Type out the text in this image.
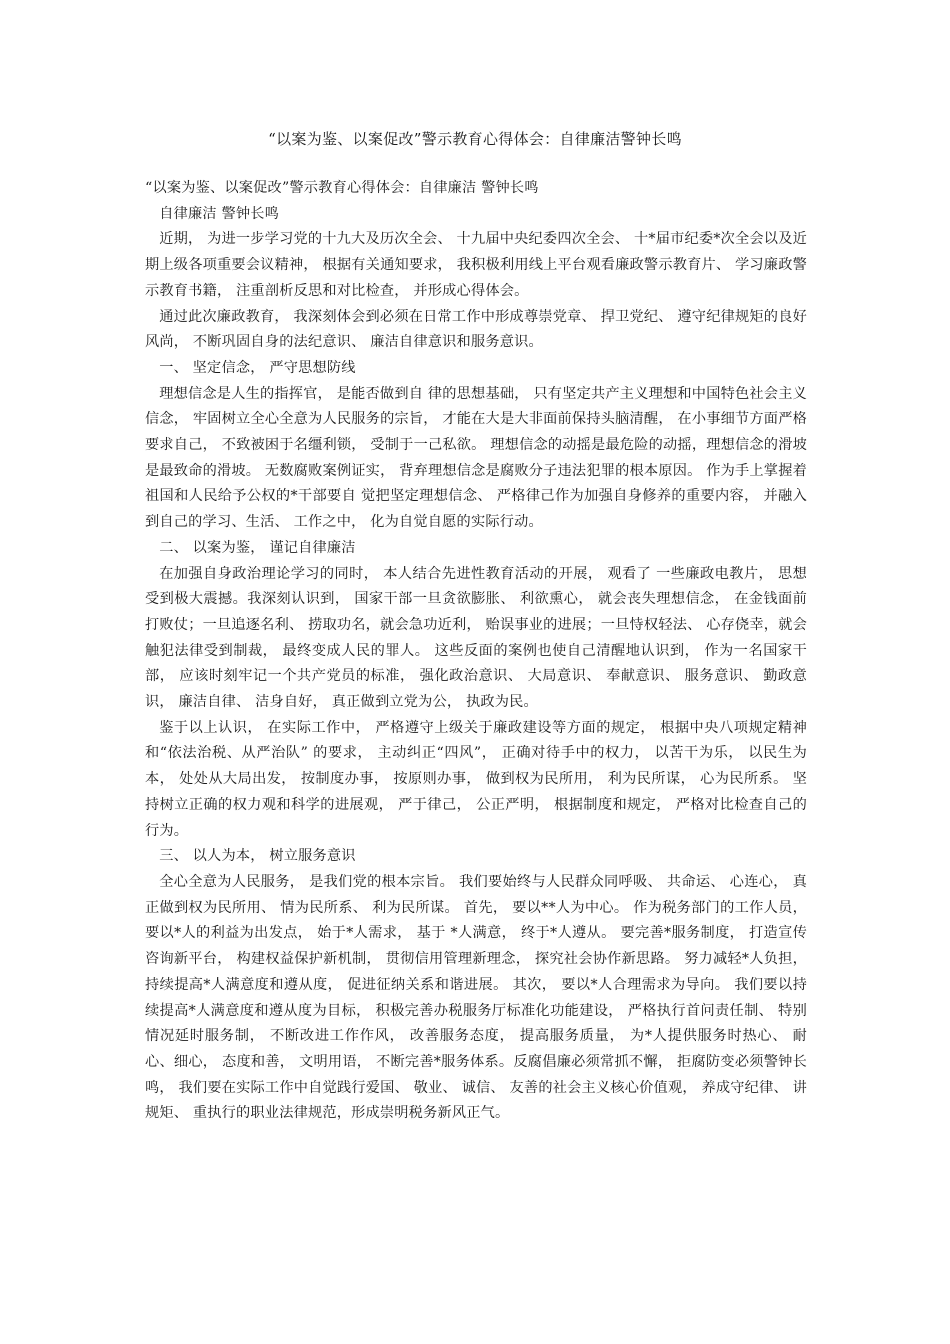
“以案为鉴、以案促改”警示教育心得体会：自律廉洁警钟长鸣

“以案为鉴、以案促改”警示教育心得体会：自律廉洁 警钟长鸣

自律廉洁 警钟长鸣

近期， 为进一步学习党的十九大及历次全会、 十九届中央纪委四次全会、 十*届市纪委*次全会以及近期上级各项重要会议精神， 根据有关通知要求， 我积极利用线上平台观看廉政警示教育片、 学习廉政警示教育书籍， 注重剖析反思和对比检查， 并形成心得体会。

通过此次廉政教育， 我深刻体会到必须在日常工作中形成尊崇党章、 捍卫党纪、 遵守纪律规矩的良好风尚， 不断巩固自身的法纪意识、 廉洁自律意识和服务意识。

一、 坚定信念， 严守思想防线

理想信念是人生的指挥官， 是能否做到自 律的思想基础， 只有坚定共产主义理想和中国特色社会主义信念， 牢固树立全心全意为人民服务的宗旨， 才能在大是大非面前保持头脑清醒， 在小事细节方面严格要求自己， 不致被困于名缰利锁， 受制于一己私欲。 理想信念的动摇是最危险的动摇，理想信念的滑坡是最致命的滑坡。 无数腐败案例证实， 背弃理想信念是腐败分子违法犯罪的根本原因。 作为手上掌握着祖国和人民给予公权的*干部要自 觉把坚定理想信念、 严格律己作为加强自身修养的重要内容， 并融入到自己的学习、生活、 工作之中， 化为自觉自愿的实际行动。

二、 以案为鉴， 谨记自律廉洁

在加强自身政治理论学习的同时， 本人结合先进性教育活动的开展， 观看了 一些廉政电教片， 思想受到极大震撼。我深刻认识到， 国家干部一旦贪欲膨胀、 利欲熏心， 就会丧失理想信念， 在金钱面前打败仗；一旦追逐名利、 捞取功名，就会急功近利， 贻误事业的进展；一旦恃权轻法、 心存侥幸，就会触犯法律受到制裁， 最终变成人民的罪人。 这些反面的案例也使自己清醒地认识到， 作为一名国家干部， 应该时刻牢记一个共产党员的标准， 强化政治意识、 大局意识、 奉献意识、 服务意识、 勤政意识， 廉洁自律、 洁身自好， 真正做到立党为公， 执政为民。

鉴于以上认识， 在实际工作中， 严格遵守上级关于廉政建设等方面的规定， 根据中央八项规定精神和“依法治税、从严治队” 的要求， 主动纠正“四风”， 正确对待手中的权力， 以苦干为乐， 以民生为本， 处处从大局出发， 按制度办事， 按原则办事， 做到权为民所用， 利为民所谋， 心为民所系。 坚持树立正确的权力观和科学的进展观， 严于律己， 公正严明， 根据制度和规定， 严格对比检查自己的行为。

三、 以人为本， 树立服务意识

全心全意为人民服务， 是我们党的根本宗旨。 我们要始终与人民群众同呼吸、 共命运、 心连心， 真正做到权为民所用、 情为民所系、 利为民所谋。 首先， 要以**人为中心。 作为税务部门的工作人员， 要以*人的利益为出发点， 始于*人需求， 基于 *人满意， 终于*人遵从。 要完善*服务制度， 打造宣传咨询新平台， 构建权益保护新机制， 贯彻信用管理新理念， 探究社会协作新思路。 努力减轻*人负担， 持续提高*人满意度和遵从度， 促进征纳关系和谐进展。 其次， 要以*人合理需求为导向。 我们要以持续提高*人满意度和遵从度为目标， 积极完善办税服务厅标准化功能建设， 严格执行首问责任制、 特别情况延时服务制， 不断改进工作作风， 改善服务态度， 提高服务质量， 为*人提供服务时热心、 耐心、细心， 态度和善， 文明用语， 不断完善*服务体系。反腐倡廉必须常抓不懈， 拒腐防变必须警钟长鸣， 我们要在实际工作中自觉践行爱国、 敬业、 诚信、 友善的社会主义核心价值观， 养成守纪律、 讲规矩、 重执行的职业法律规范，形成崇明税务新风正气。
